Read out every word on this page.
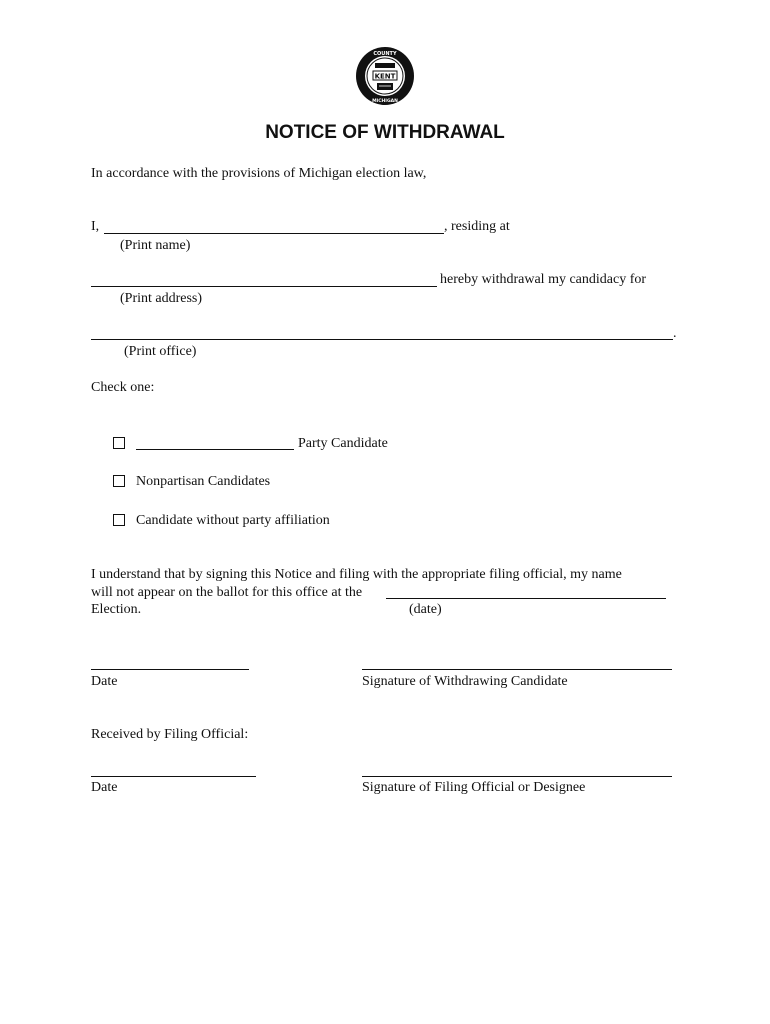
COUNTY
MICHIGAN
KENT
NOTICE OF WITHDRAWAL
In accordance with the provisions of Michigan election law,
I,	, residing at
(Print name)
hereby withdrawal my candidacy for
(Print address)
.
(Print office)
Check one:
Party Candidate
Nonpartisan Candidates
Candidate without party affiliation
I understand that by signing this Notice and filing with the appropriate filing official, my name
will not appear on the ballot for this office at the
Election.	(date)
Date	Signature of Withdrawing Candidate
Received by Filing Official:
Date	Signature of Filing Official or Designee
